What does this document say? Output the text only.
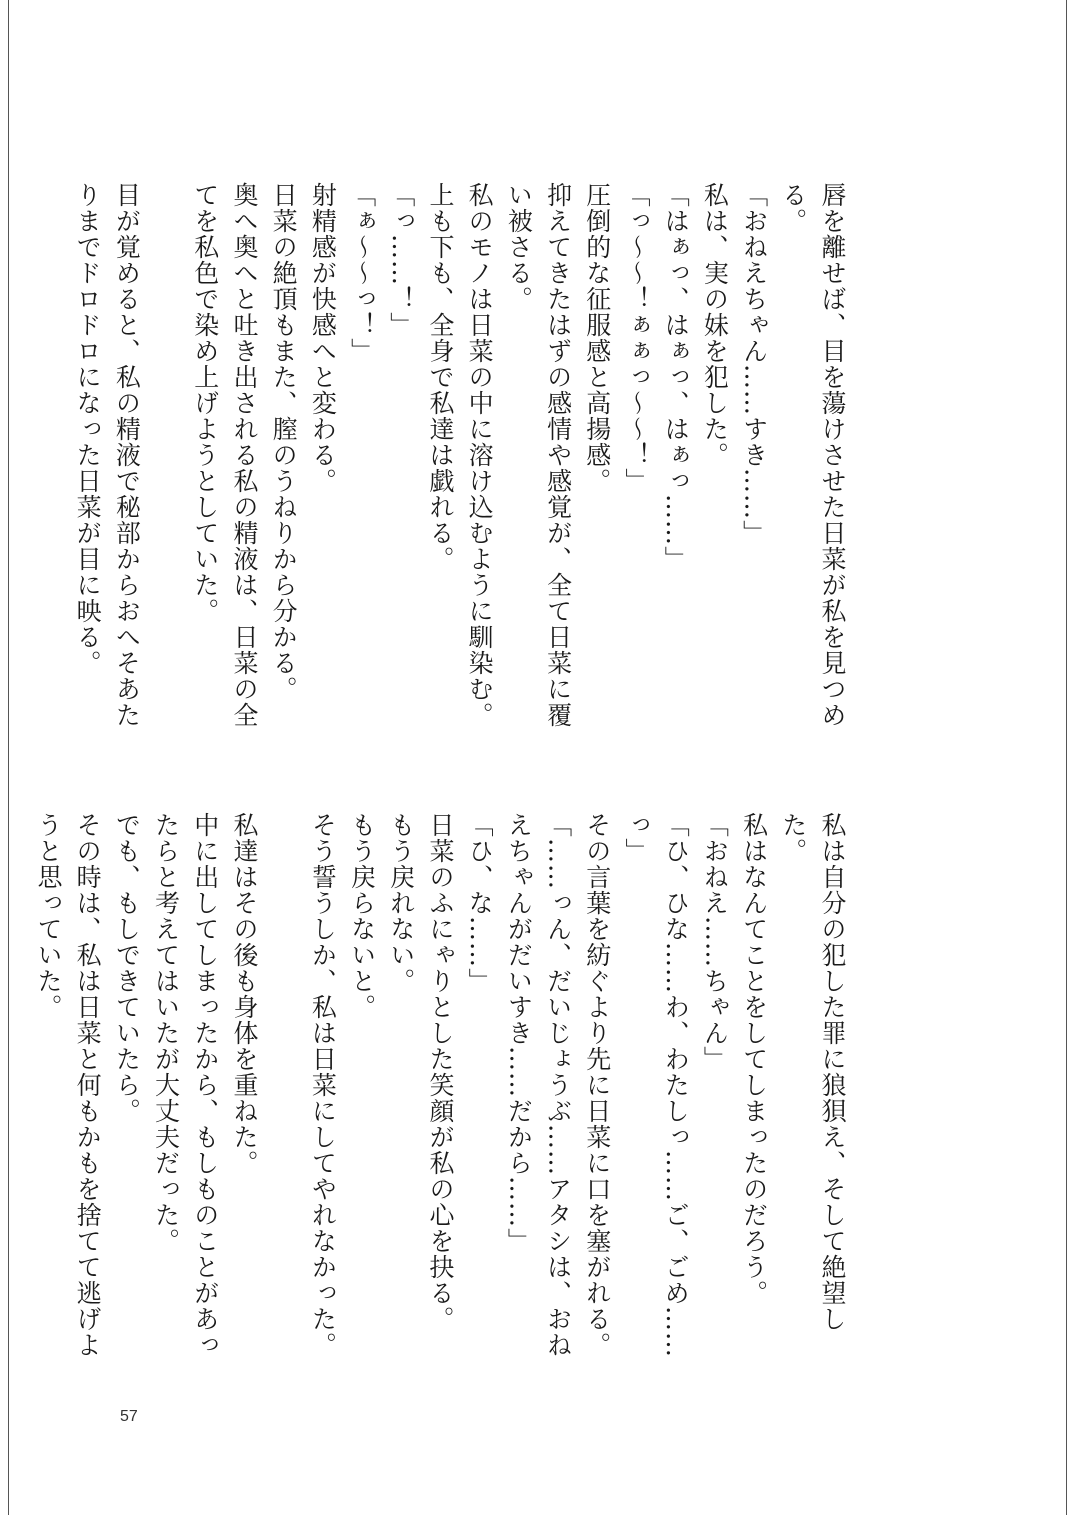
唇を離せば、目を蕩けさせた日菜が私を見つめる。
「おねえちゃん……すき……」
私は、実の妹を犯した。
「はぁっ、はぁっ、はぁっ……」
「っ〜〜！ぁぁっ〜〜！」
圧倒的な征服感と高揚感。
抑えてきたはずの感情や感覚が、全て日菜に覆い被さる。
私のモノは日菜の中に溶け込むように馴染む。
上も下も、全身で私達は戯れる。
「っ……！」
「ぁ〜〜っ！」
射精感が快感へと変わる。
日菜の絶頂もまた、膣のうねりから分かる。
奥へ奥へと吐き出される私の精液は、日菜の全てを私色で染め上げようとしていた。
目が覚めると、私の精液で秘部からおへそあたりまでドロドロになった日菜が目に映る。
私は自分の犯した罪に狼狽え、そして絶望した。
私はなんてことをしてしまったのだろう。
「おねえ……ちゃん」
「ひ、ひな……わ、わたしっ……ご、ごめ……っ」
その言葉を紡ぐより先に日菜に口を塞がれる。
「……っん、だいじょうぶ……アタシは、おねえちゃんがだいすき……だから……」
「ひ、な……」
日菜のふにゃりとした笑顔が私の心を抉る。
もう戻れない。
もう戻らないと。
そう誓うしか、私は日菜にしてやれなかった。
私達はその後も身体を重ねた。
中に出してしまったから、もしものことがあったらと考えてはいたが大丈夫だった。
でも、もしできていたら。
その時は、私は日菜と何もかもを捨てて逃げようと思っていた。
57
